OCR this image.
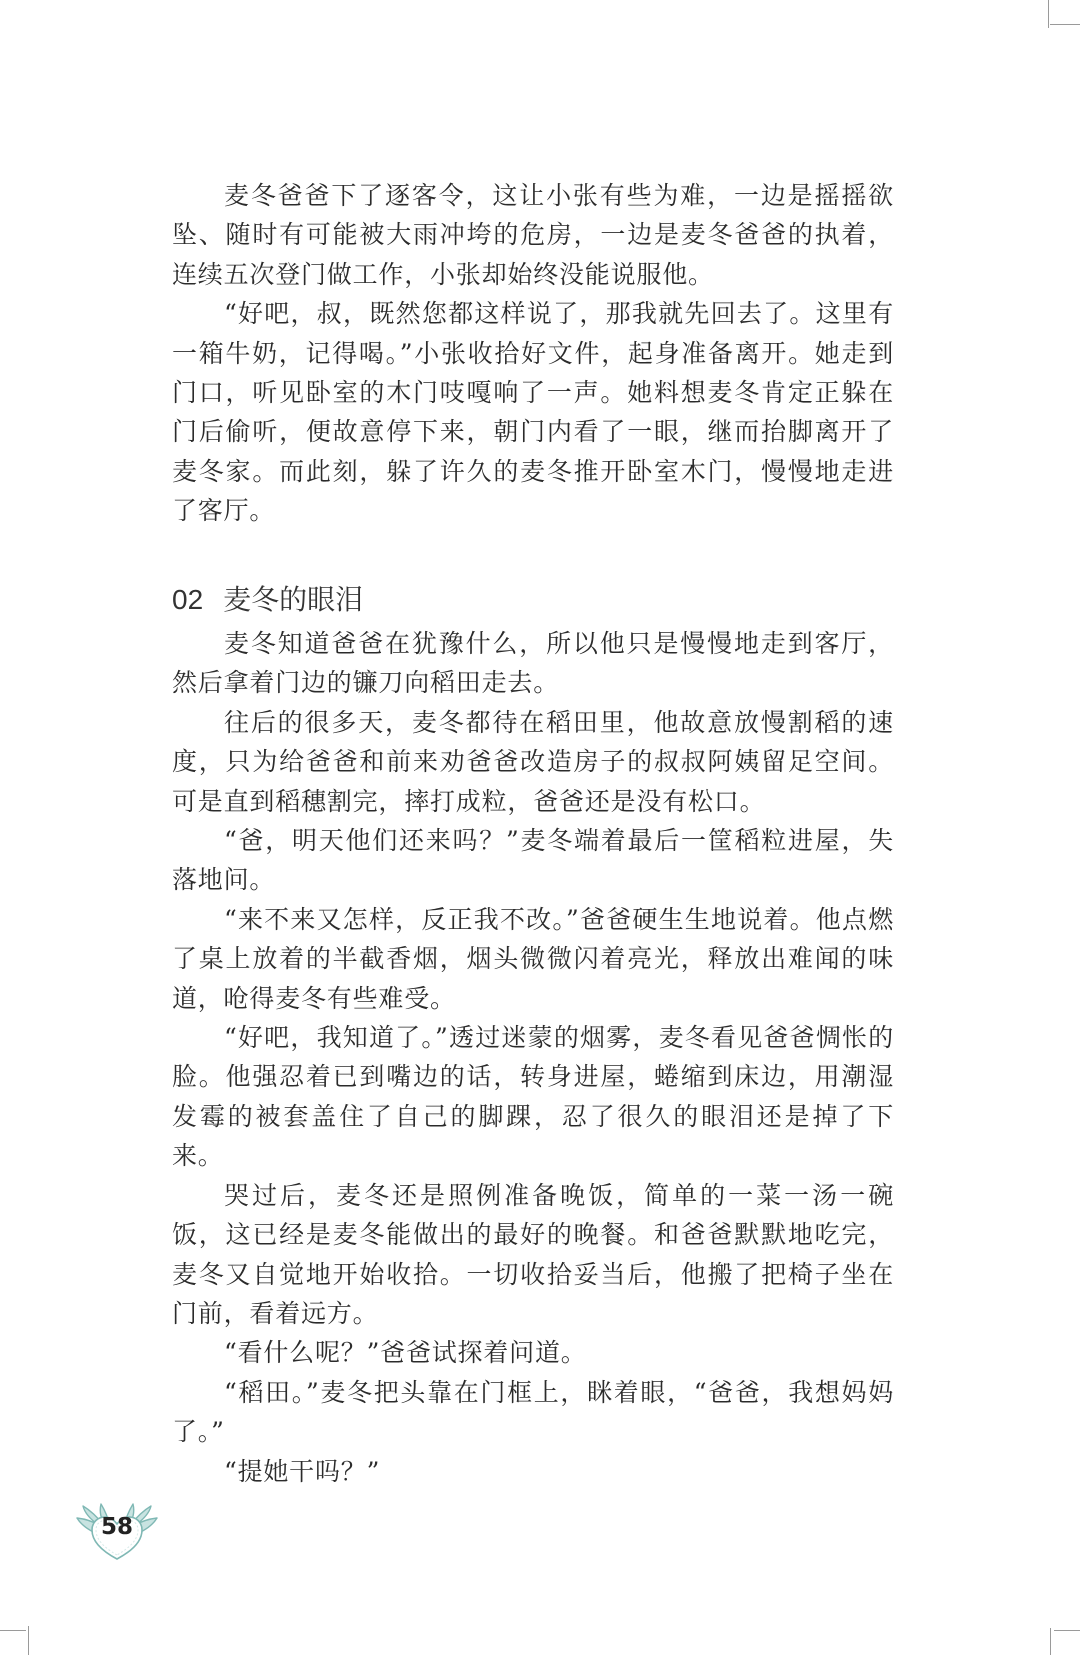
麦冬爸爸下了逐客令，这让小张有些为难，一边是摇摇欲坠、随时有可能被大雨冲垮的危房，一边是麦冬爸爸的执着，连续五次登门做工作，小张却始终没能说服他。

“好吧，叔，既然您都这样说了，那我就先回去了。这里有一箱牛奶，记得喝。”小张收拾好文件，起身准备离开。她走到门口，听见卧室的木门吱嘎响了一声。她料想麦冬肯定正躲在门后偷听，便故意停下来，朝门内看了一眼，继而抬脚离开了麦冬家。而此刻，躲了许久的麦冬推开卧室木门，慢慢地走进了客厅。

02 麦冬的眼泪

麦冬知道爸爸在犹豫什么，所以他只是慢慢地走到客厅，然后拿着门边的镰刀向稻田走去。

往后的很多天，麦冬都待在稻田里，他故意放慢割稻的速度，只为给爸爸和前来劝爸爸改造房子的叔叔阿姨留足空间。可是直到稻穗割完，摔打成粒，爸爸还是没有松口。

“爸，明天他们还来吗？”麦冬端着最后一筐稻粒进屋，失落地问。

“来不来又怎样，反正我不改。”爸爸硬生生地说着。他点燃了桌上放着的半截香烟，烟头微微闪着亮光，释放出难闻的味道，呛得麦冬有些难受。

“好吧，我知道了。”透过迷蒙的烟雾，麦冬看见爸爸惆怅的脸。他强忍着已到嘴边的话，转身进屋，蜷缩到床边，用潮湿发霉的被套盖住了自己的脚踝，忍了很久的眼泪还是掉了下来。

哭过后，麦冬还是照例准备晚饭，简单的一菜一汤一碗饭，这已经是麦冬能做出的最好的晚餐。和爸爸默默地吃完，麦冬又自觉地开始收拾。一切收拾妥当后，他搬了把椅子坐在门前，看着远方。

“看什么呢？”爸爸试探着问道。

“稻田。”麦冬把头靠在门框上，眯着眼，“爸爸，我想妈妈了。”

“提她干吗？”

58
